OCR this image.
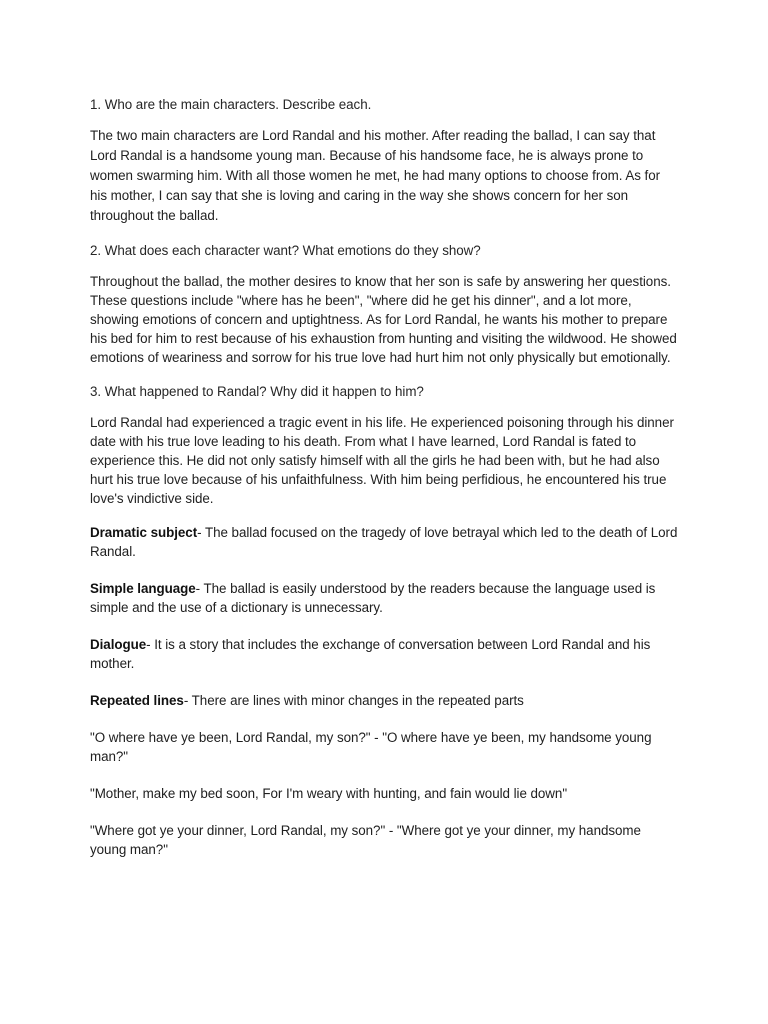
1. Who are the main characters. Describe each.

The two main characters are Lord Randal and his mother. After reading the ballad, I can say that Lord Randal is a handsome young man. Because of his handsome face, he is always prone to women swarming him. With all those women he met, he had many options to choose from. As for his mother, I can say that she is loving and caring in the way she shows concern for her son throughout the ballad.

2. What does each character want? What emotions do they show?

Throughout the ballad, the mother desires to know that her son is safe by answering her questions. These questions include "where has he been", "where did he get his dinner", and a lot more, showing emotions of concern and uptightness. As for Lord Randal, he wants his mother to prepare his bed for him to rest because of his exhaustion from hunting and visiting the wildwood. He showed emotions of weariness and sorrow for his true love had hurt him not only physically but emotionally.

3. What happened to Randal? Why did it happen to him?

Lord Randal had experienced a tragic event in his life. He experienced poisoning through his dinner date with his true love leading to his death. From what I have learned, Lord Randal is fated to experience this. He did not only satisfy himself with all the girls he had been with, but he had also hurt his true love because of his unfaithfulness. With him being perfidious, he encountered his true love's vindictive side.

Dramatic subject- The ballad focused on the tragedy of love betrayal which led to the death of Lord Randal.

Simple language- The ballad is easily understood by the readers because the language used is simple and the use of a dictionary is unnecessary.

Dialogue- It is a story that includes the exchange of conversation between Lord Randal and his mother.

Repeated lines- There are lines with minor changes in the repeated parts

"O where have ye been, Lord Randal, my son?" - "O where have ye been, my handsome young man?"

"Mother, make my bed soon, For I'm weary with hunting, and fain would lie down"

"Where got ye your dinner, Lord Randal, my son?" - "Where got ye your dinner, my handsome young man?"
